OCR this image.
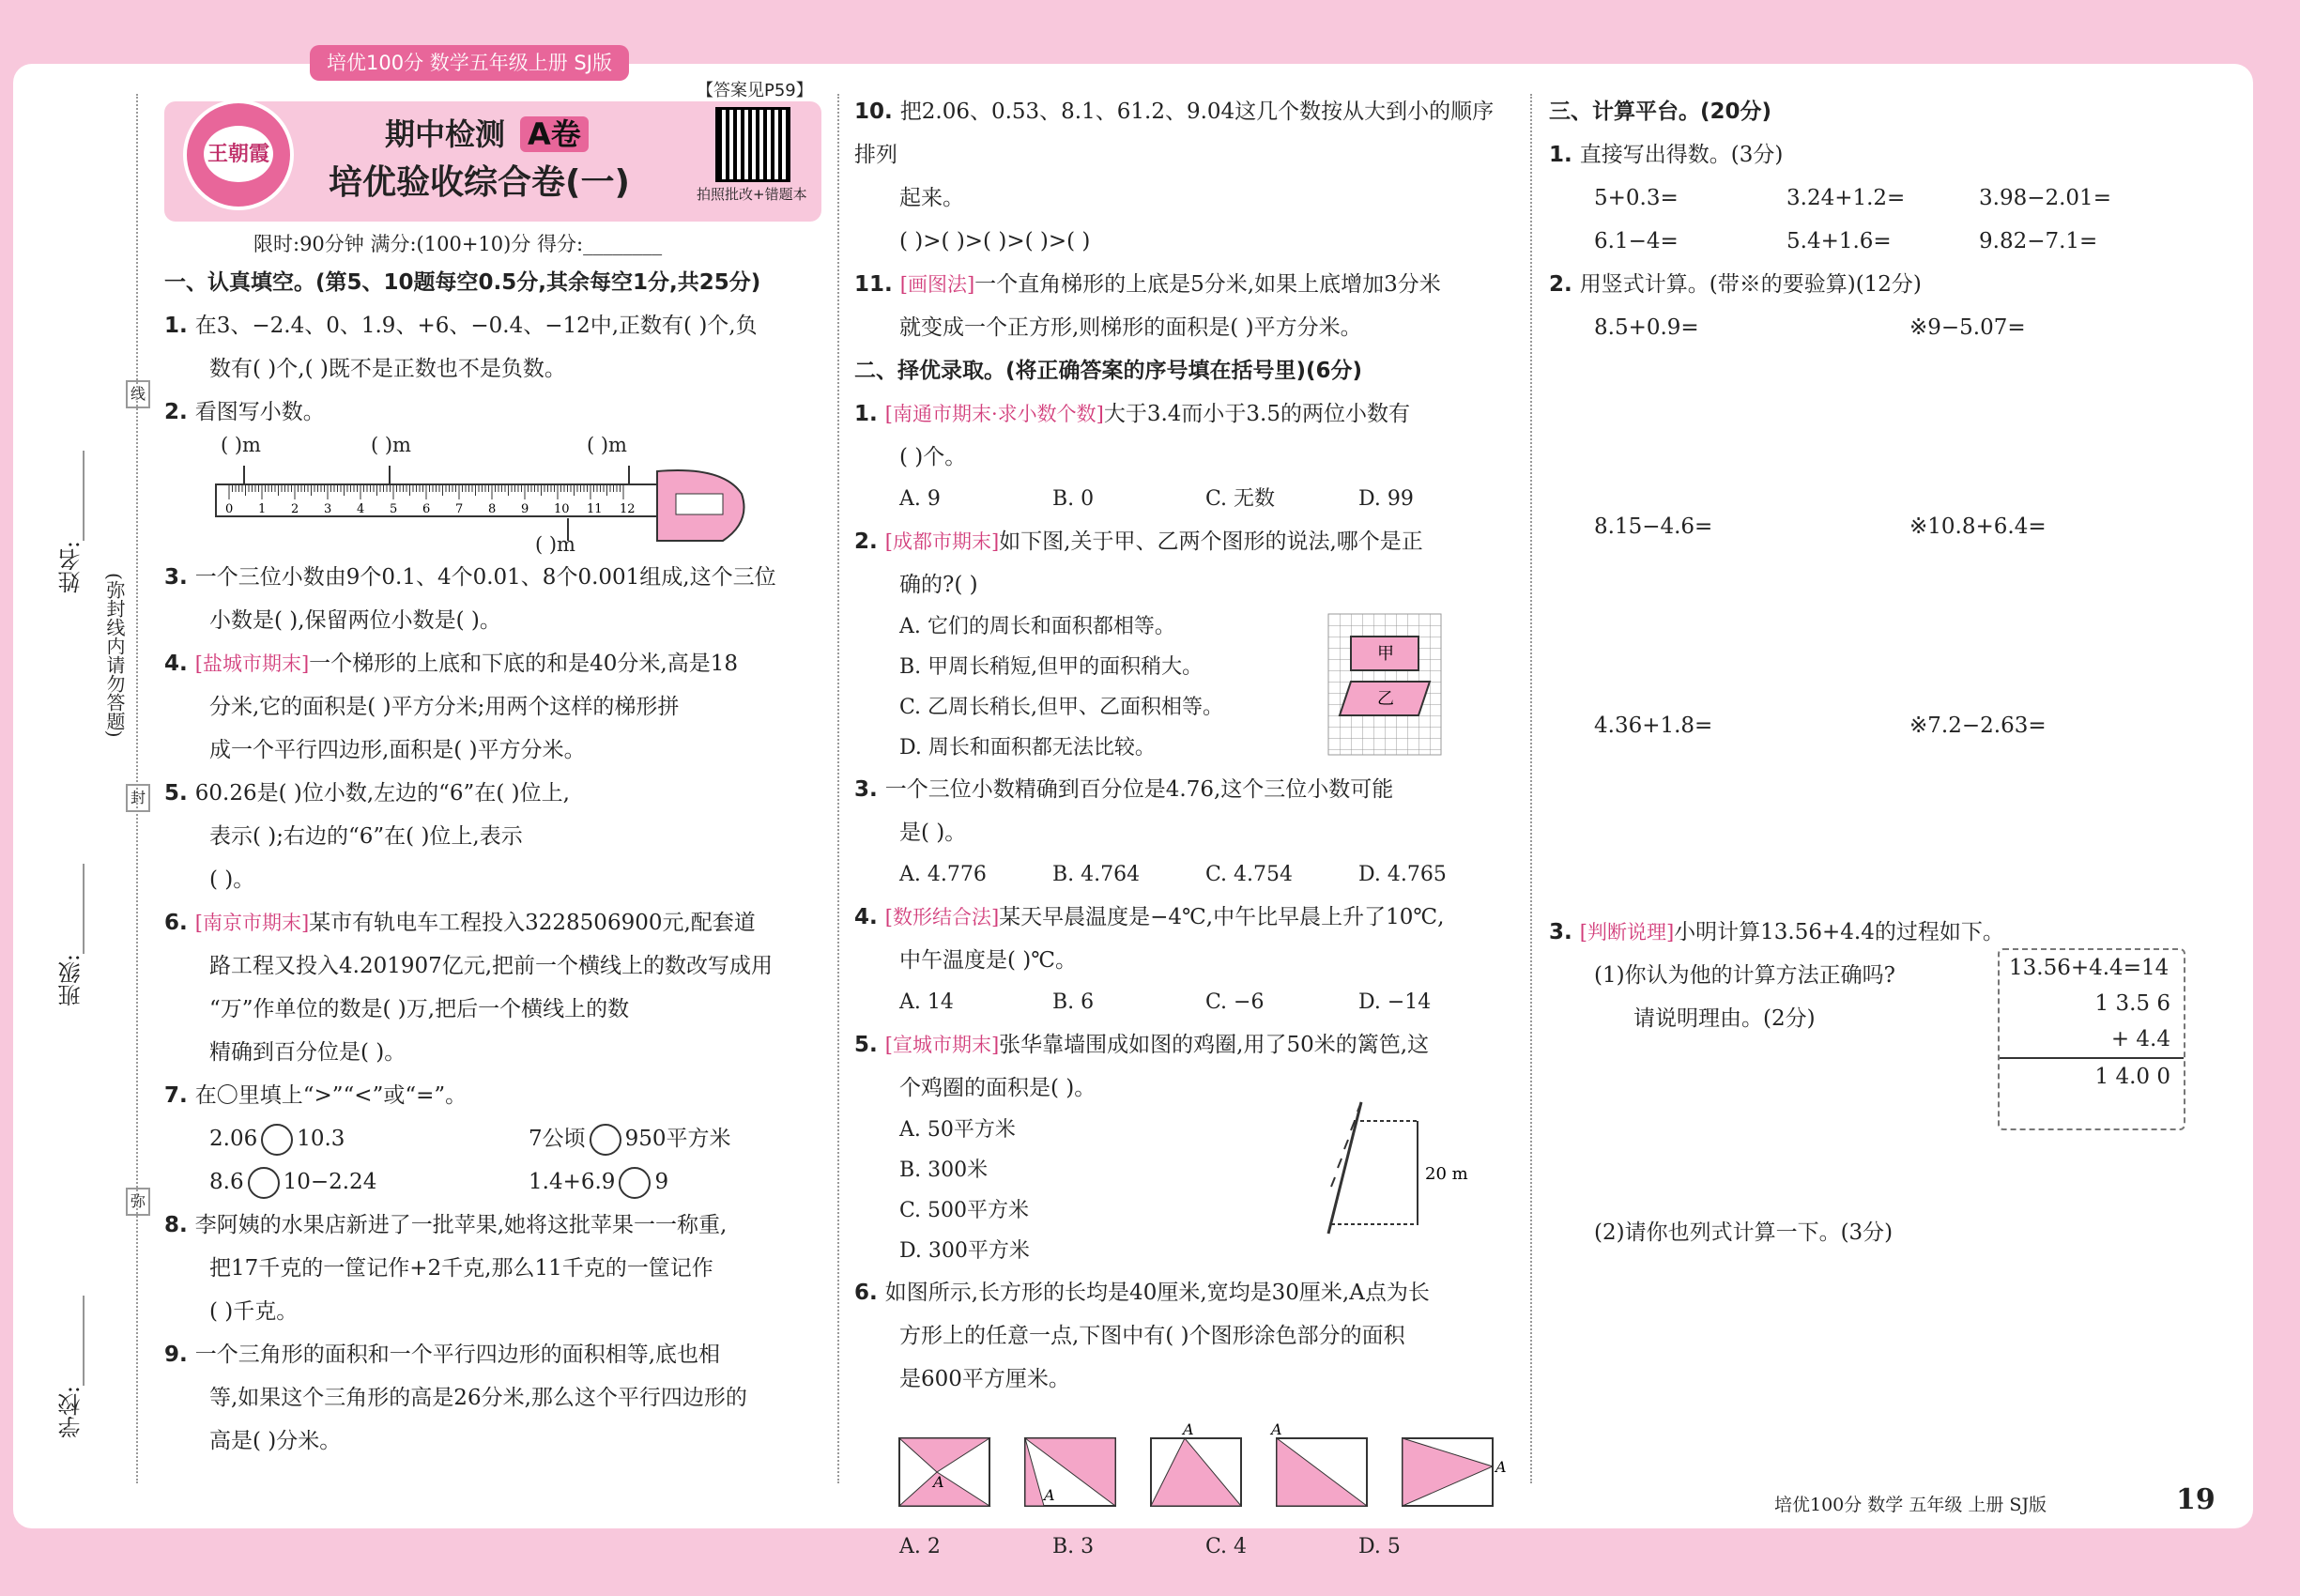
培优100分 数学五年级上册 SJ版
王朝霞
期中检测 A卷
培优验收综合卷(一)
【答案见P59】
拍照批改+错题本
限时:90分钟 满分:(100+10)分 得分:________
姓名:________
班级:________
学校:________
(弥封线内请勿答题)
线
封
弥
一、认真填空。(第5、10题每空0.5分,其余每空1分,共25分)
1. 在3、−2.4、0、1.9、+6、−0.4、−12中,正数有( )个,负
数有( )个,( )既不是正数也不是负数。
2. 看图写小数。
( )m	( )m	( )m
( )m
0 1 2 3 4 5 6 7 8 9 10 11 12
3. 一个三位小数由9个0.1、4个0.01、8个0.001组成,这个三位
小数是( ),保留两位小数是( )。
4. [盐城市期末]一个梯形的上底和下底的和是40分米,高是18
分米,它的面积是( )平方分米;用两个这样的梯形拼
成一个平行四边形,面积是( )平方分米。
5. 60.26是( )位小数,左边的“6”在( )位上,
表示( );右边的“6”在( )位上,表示
( )。
6. [南京市期末]某市有轨电车工程投入3228506900元,配套道
路工程又投入4.201907亿元,把前一个横线上的数改写成用
“万”作单位的数是( )万,把后一个横线上的数
精确到百分位是( )。
7. 在〇里填上“>”“<”或“=”。
2.06 10.3	7公顷 950平方米
8.6 10−2.24	1.4+6.9 9
8. 李阿姨的水果店新进了一批苹果,她将这批苹果一一称重,
把17千克的一筐记作+2千克,那么11千克的一筐记作
( )千克。
9. 一个三角形的面积和一个平行四边形的面积相等,底也相
等,如果这个三角形的高是26分米,那么这个平行四边形的
高是( )分米。
10. 把2.06、0.53、8.1、61.2、9.04这几个数按从大到小的顺序排列
起来。
( )>( )>( )>( )>( )
11. [画图法]一个直角梯形的上底是5分米,如果上底增加3分米
就变成一个正方形,则梯形的面积是( )平方分米。
二、择优录取。(将正确答案的序号填在括号里)(6分)
1. [南通市期末·求小数个数]大于3.4而小于3.5的两位小数有
( )个。
A. 9	B. 0	C. 无数	D. 99
2. [成都市期末]如下图,关于甲、乙两个图形的说法,哪个是正
确的?( )
A. 它们的周长和面积都相等。
B. 甲周长稍短,但甲的面积稍大。
C. 乙周长稍长,但甲、乙面积相等。
D. 周长和面积都无法比较。
甲
乙
3. 一个三位小数精确到百分位是4.76,这个三位小数可能
是( )。
A. 4.776	B. 4.764	C. 4.754	D. 4.765
4. [数形结合法]某天早晨温度是−4℃,中午比早晨上升了10℃,
中午温度是( )℃。
A. 14	B. 6	C. −6	D. −14
5. [宣城市期末]张华靠墙围成如图的鸡圈,用了50米的篱笆,这
个鸡圈的面积是( )。
A. 50平方米
B. 300米
C. 500平方米
D. 300平方米
20 m
6. 如图所示,长方形的长均是40厘米,宽均是30厘米,A点为长
方形上的任意一点,下图中有( )个图形涂色部分的面积
是600平方厘米。
A
A
A	A
A
A. 2	B. 3	C. 4	D. 5
三、计算平台。(20分)
1. 直接写出得数。(3分)
5+0.3=	3.24+1.2=	3.98−2.01=
6.1−4=	5.4+1.6=	9.82−7.1=
2. 用竖式计算。(带※的要验算)(12分)
8.5+0.9=	※9−5.07=
8.15−4.6=	※10.8+6.4=
4.36+1.8=	※7.2−2.63=
3. [判断说理]小明计算13.56+4.4的过程如下。
(1)你认为他的计算方法正确吗?
请说明理由。(2分)
(2)请你也列式计算一下。(3分)
13.56+4.4=14
1 3.5 6
+ 4.4
1 4.0 0
培优100分 数学 五年级 上册 SJ版	19
